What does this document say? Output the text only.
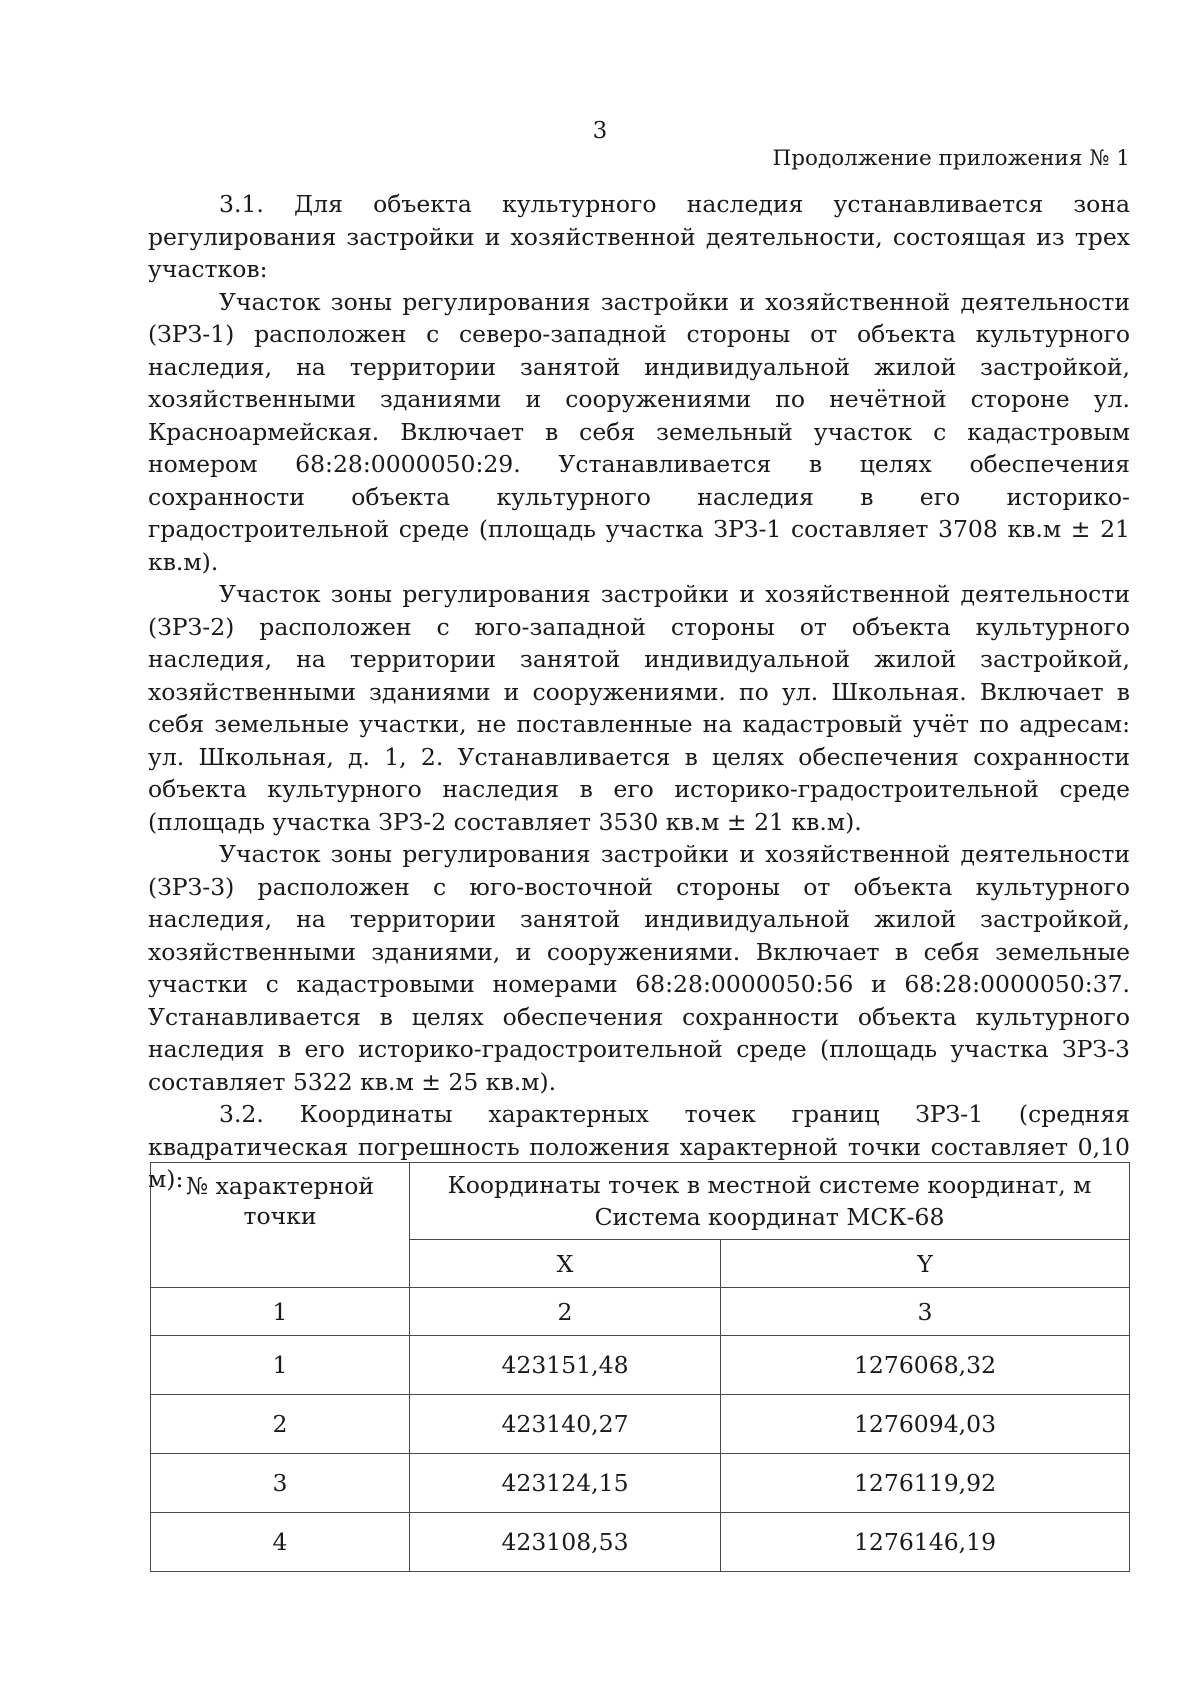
3
Продолжение приложения № 1

3.1. Для объекта культурного наследия устанавливается зона регулирования застройки и хозяйственной деятельности, состоящая из трех участков:

Участок зоны регулирования застройки и хозяйственной деятельности (ЗРЗ-1) расположен с северо-западной стороны от объекта культурного наследия, на территории занятой индивидуальной жилой застройкой, хозяйственными зданиями и сооружениями по нечётной стороне ул. Красноармейская. Включает в себя земельный участок с кадастровым номером 68:28:0000050:29. Устанавливается в целях обеспечения сохранности объекта культурного наследия в его историко-градостроительной среде (площадь участка ЗРЗ-1 составляет 3708 кв.м ± 21 кв.м).

Участок зоны регулирования застройки и хозяйственной деятельности (ЗРЗ-2) расположен с юго-западной стороны от объекта культурного наследия, на территории занятой индивидуальной жилой застройкой, хозяйственными зданиями и сооружениями. по ул. Школьная. Включает в себя земельные участки, не поставленные на кадастровый учёт по адресам: ул. Школьная, д. 1, 2. Устанавливается в целях обеспечения сохранности объекта культурного наследия в его историко-градостроительной среде (площадь участка ЗРЗ-2 составляет 3530 кв.м ± 21 кв.м).

Участок зоны регулирования застройки и хозяйственной деятельности (ЗРЗ-3) расположен с юго-восточной стороны от объекта культурного наследия, на территории занятой индивидуальной жилой застройкой, хозяйственными зданиями, и сооружениями. Включает в себя земельные участки с кадастровыми номерами 68:28:0000050:56 и 68:28:0000050:37. Устанавливается в целях обеспечения сохранности объекта культурного наследия в его историко-градостроительной среде (площадь участка ЗРЗ-3 составляет 5322 кв.м ± 25 кв.м).

3.2. Координаты характерных точек границ ЗРЗ-1 (средняя квадратическая погрешность положения характерной точки составляет 0,10 м): № характерной точки	Координаты точек в местной системе координат, м
Система координат МСК-68	
	X	Y
1	2	3
1	423151,48	1276068,32
2	423140,27	1276094,03
3	423124,15	1276119,92
4	423108,53	1276146,19
